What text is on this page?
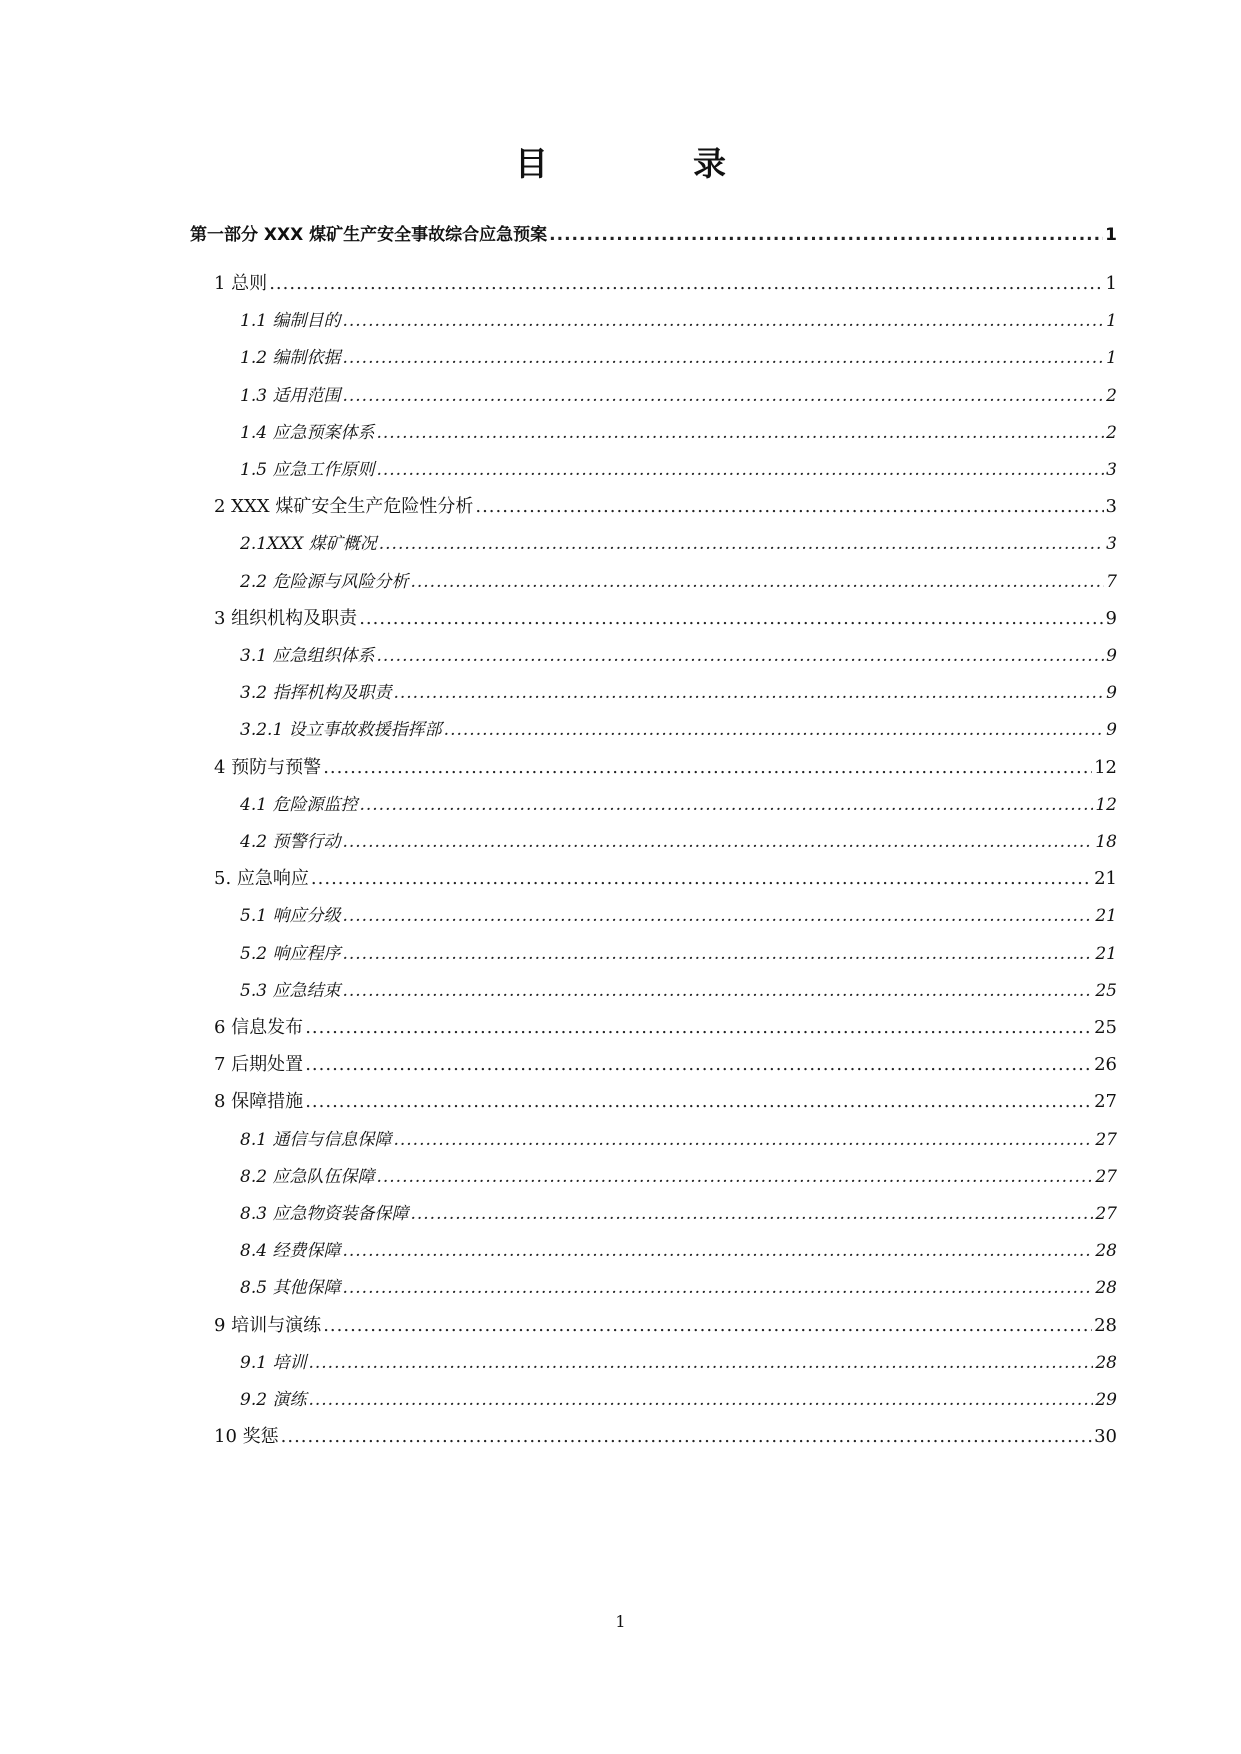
目　录
第一部分 XXX 煤矿生产安全事故综合应急预案 .....	1
1 总则 .....	1
1.1 编制目的 .....	1
1.2 编制依据 .....	1
1.3 适用范围 .....	2
1.4 应急预案体系 .....	2
1.5 应急工作原则 .....	3
2 XXX 煤矿安全生产危险性分析 .....	3
2.1XXX 煤矿概况 .....	3
2.2 危险源与风险分析 .....	7
3 组织机构及职责 .....	9
3.1 应急组织体系 .....	9
3.2 指挥机构及职责 .....	9
3.2.1 设立事故救援指挥部 .....	9
4 预防与预警 .....	12
4.1 危险源监控 .....	12
4.2 预警行动 .....	18
5. 应急响应 .....	21
5.1 响应分级 .....	21
5.2 响应程序 .....	21
5.3 应急结束 .....	25
6 信息发布 .....	25
7 后期处置 .....	26
8 保障措施 .....	27
8.1 通信与信息保障 .....	27
8.2 应急队伍保障 .....	27
8.3 应急物资装备保障 .....	27
8.4 经费保障 .....	28
8.5 其他保障 .....	28
9 培训与演练 .....	28
9.1 培训 .....	28
9.2 演练 .....	29
10 奖惩 .....	30
1
